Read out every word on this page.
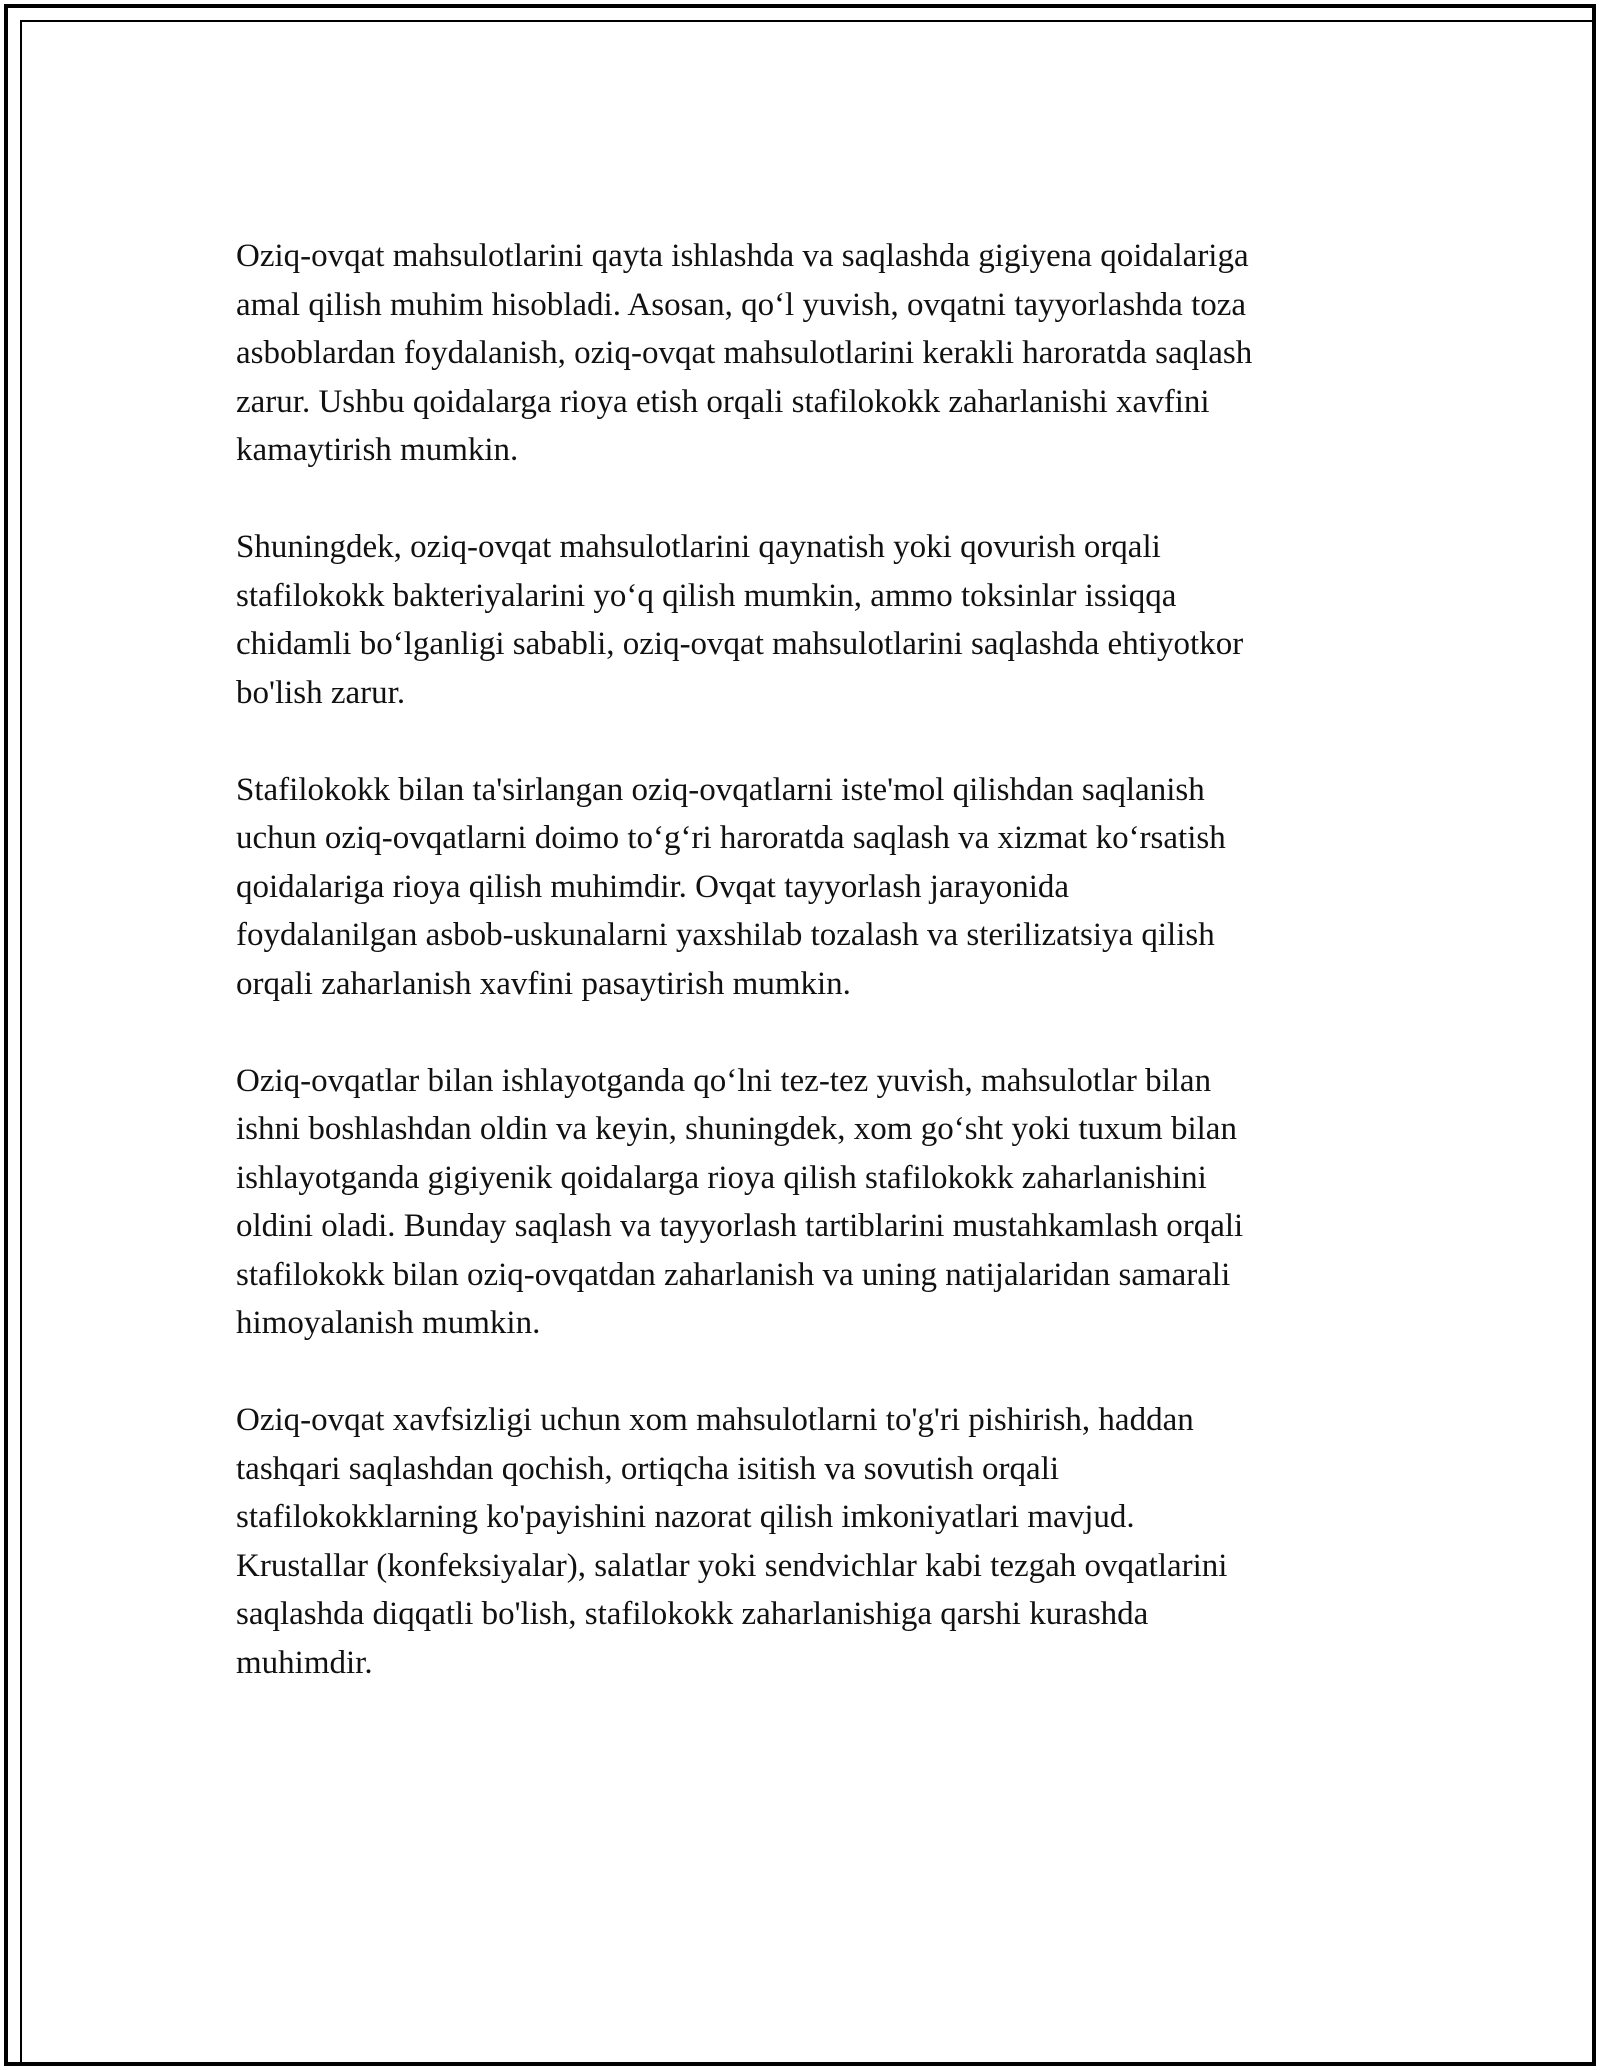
Oziq-ovqat mahsulotlarini qayta ishlashda va saqlashda gigiyena qoidalariga
amal qilish muhim hisobladi. Asosan, qo‘l yuvish, ovqatni tayyorlashda toza
asboblardan foydalanish, oziq-ovqat mahsulotlarini kerakli haroratda saqlash
zarur. Ushbu qoidalarga rioya etish orqali stafilokokk zaharlanishi xavfini
kamaytirish mumkin.

Shuningdek, oziq-ovqat mahsulotlarini qaynatish yoki qovurish orqali
stafilokokk bakteriyalarini yo‘q qilish mumkin, ammo toksinlar issiqqa
chidamli bo‘lganligi sababli, oziq-ovqat mahsulotlarini saqlashda ehtiyotkor
bo'lish zarur.

Stafilokokk bilan ta'sirlangan oziq-ovqatlarni iste'mol qilishdan saqlanish
uchun oziq-ovqatlarni doimo to‘g‘ri haroratda saqlash va xizmat ko‘rsatish
qoidalariga rioya qilish muhimdir. Ovqat tayyorlash jarayonida
foydalanilgan asbob-uskunalarni yaxshilab tozalash va sterilizatsiya qilish
orqali zaharlanish xavfini pasaytirish mumkin.

Oziq-ovqatlar bilan ishlayotganda qo‘lni tez-tez yuvish, mahsulotlar bilan
ishni boshlashdan oldin va keyin, shuningdek, xom go‘sht yoki tuxum bilan
ishlayotganda gigiyenik qoidalarga rioya qilish stafilokokk zaharlanishini
oldini oladi. Bunday saqlash va tayyorlash tartiblarini mustahkamlash orqali
stafilokokk bilan oziq-ovqatdan zaharlanish va uning natijalaridan samarali
himoyalanish mumkin.

Oziq-ovqat xavfsizligi uchun xom mahsulotlarni to'g'ri pishirish, haddan
tashqari saqlashdan qochish, ortiqcha isitish va sovutish orqali
stafilokokklarning ko'payishini nazorat qilish imkoniyatlari mavjud.
Krustallar (konfeksiyalar), salatlar yoki sendvichlar kabi tezgah ovqatlarini
saqlashda diqqatli bo'lish, stafilokokk zaharlanishiga qarshi kurashda
muhimdir.
